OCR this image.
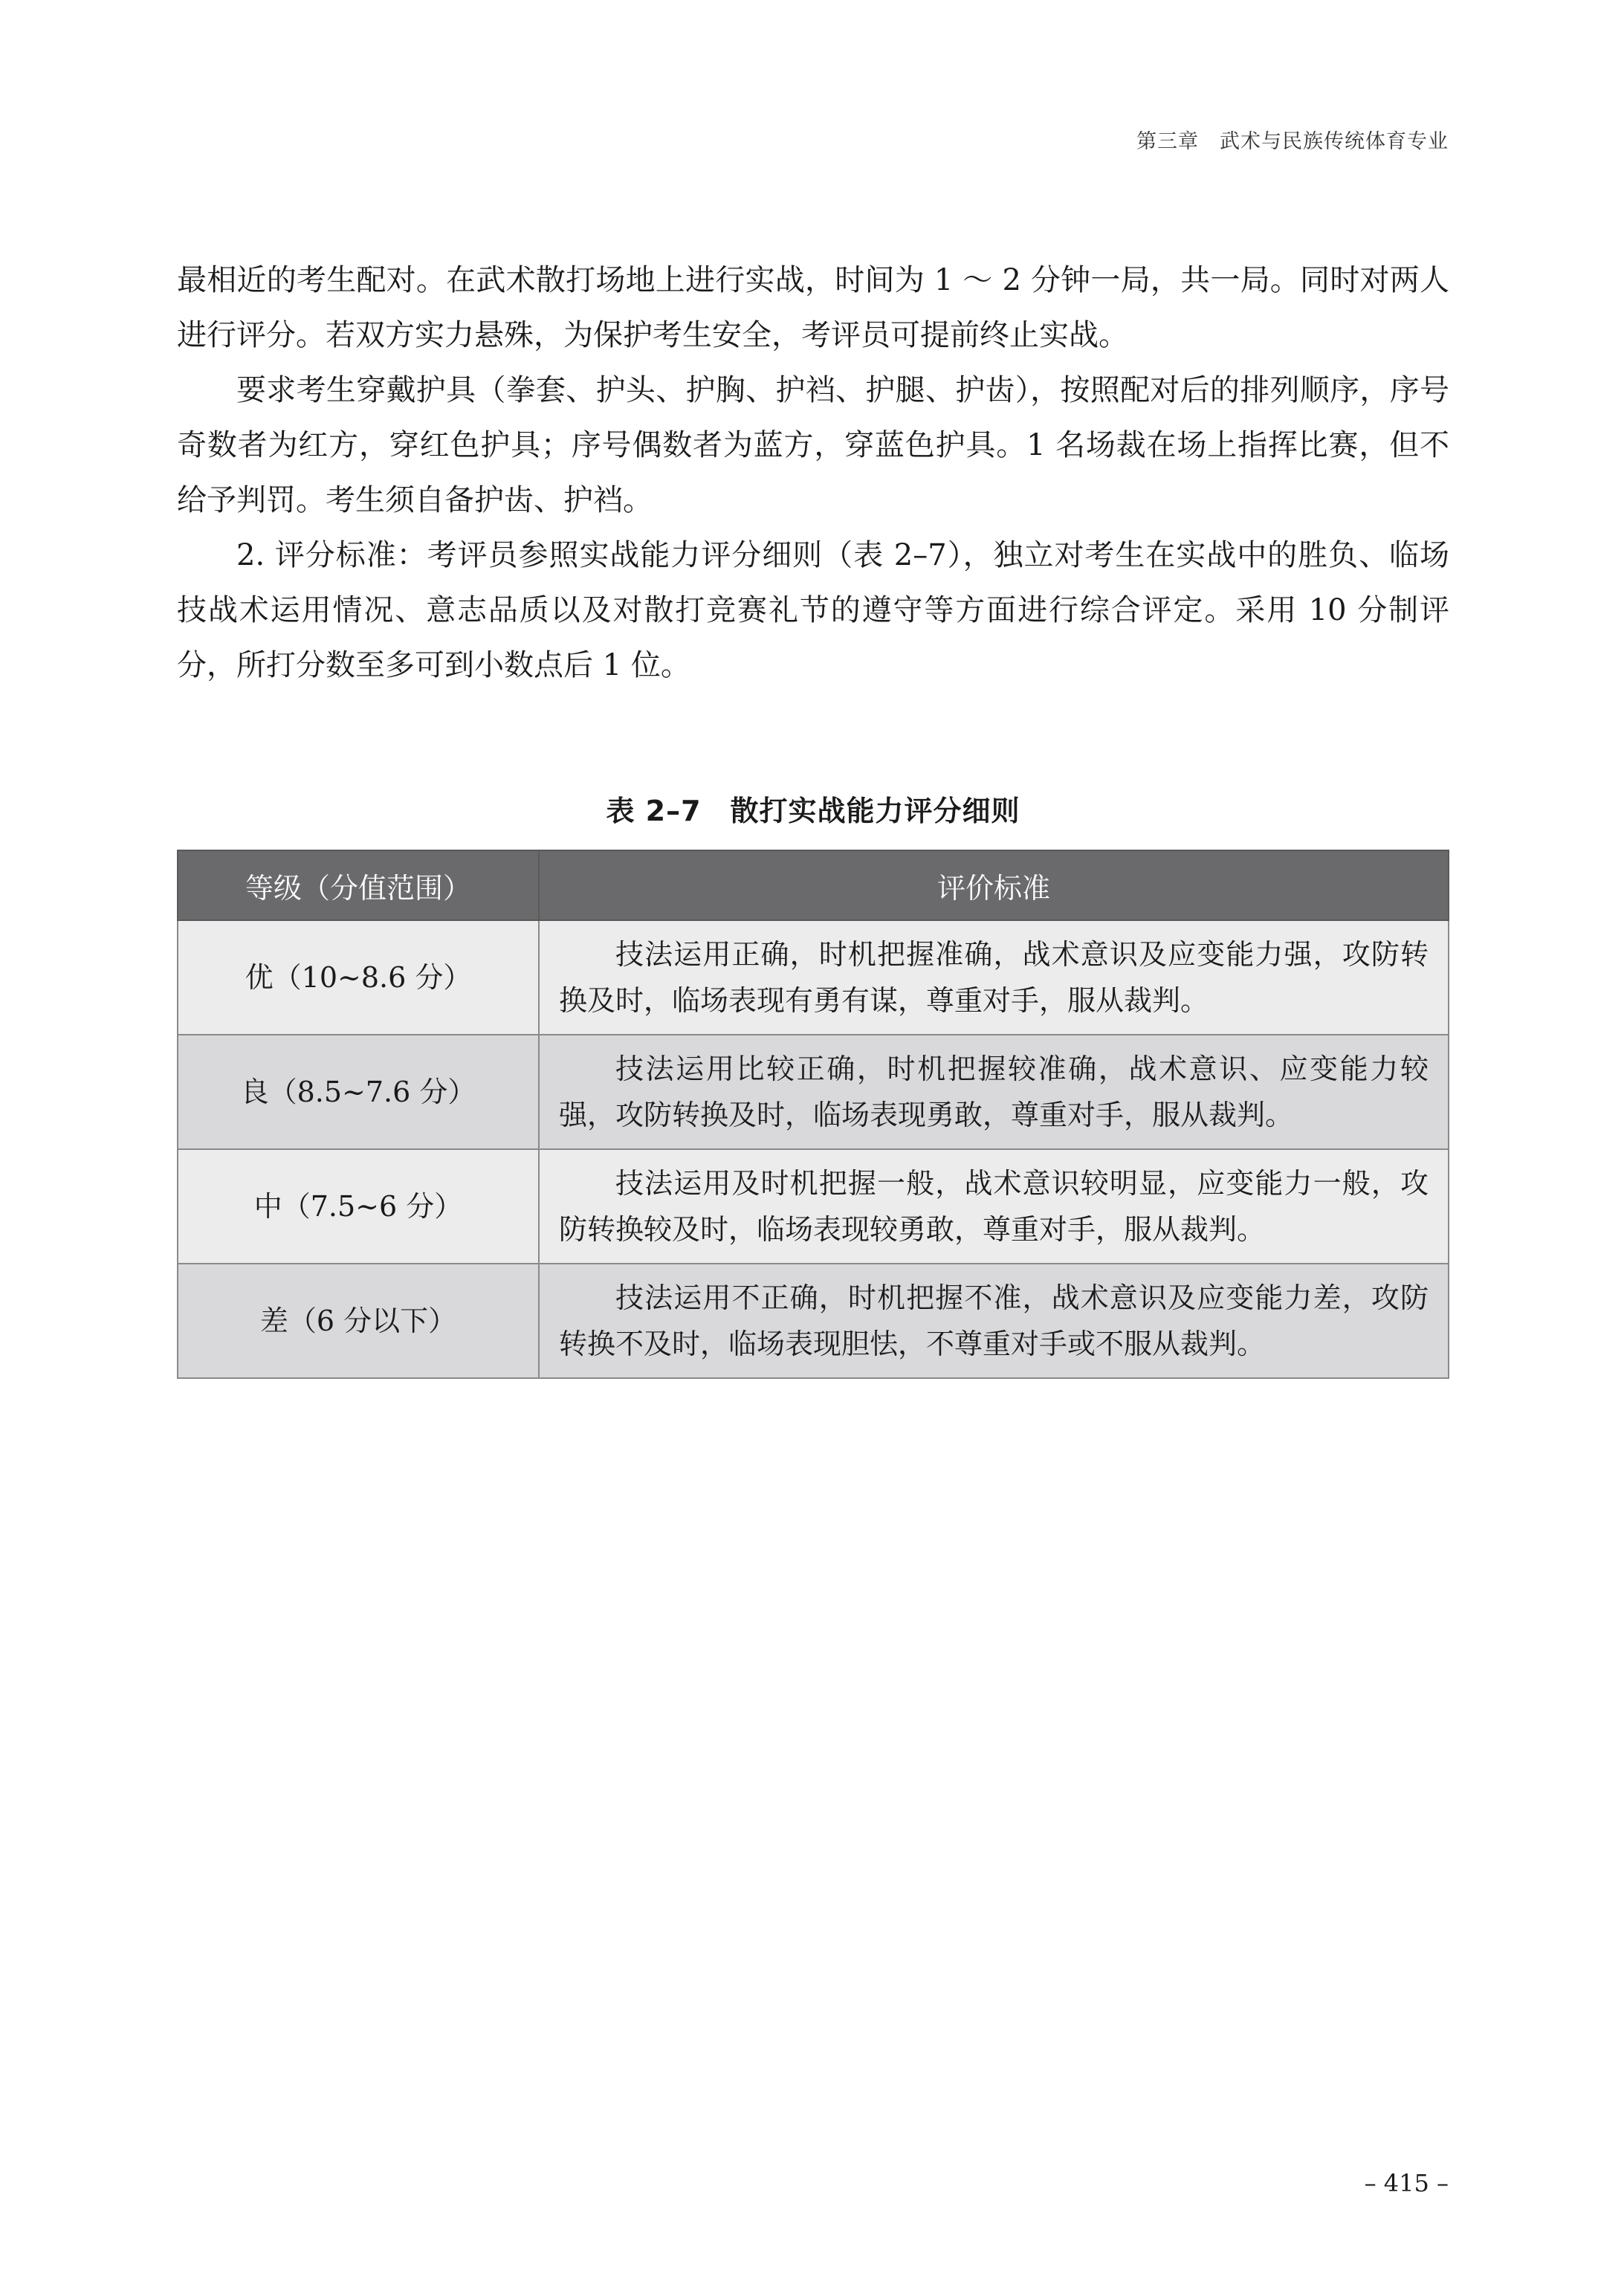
第三章　武术与民族传统体育专业

最相近的考生配对。在武术散打场地上进行实战，时间为 1 ～ 2 分钟一局，共一局。同时对两人进行评分。若双方实力悬殊，为保护考生安全，考评员可提前终止实战。

要求考生穿戴护具（拳套、护头、护胸、护裆、护腿、护齿），按照配对后的排列顺序，序号奇数者为红方，穿红色护具；序号偶数者为蓝方，穿蓝色护具。1 名场裁在场上指挥比赛，但不给予判罚。考生须自备护齿、护裆。

2. 评分标准：考评员参照实战能力评分细则（表 2–7），独立对考生在实战中的胜负、临场技战术运用情况、意志品质以及对散打竞赛礼节的遵守等方面进行综合评定。采用 10 分制评分，所打分数至多可到小数点后 1 位。

表 2–7　散打实战能力评分细则
等级（分值范围）	评价标准
优（10~8.6 分）	技法运用正确，时机把握准确，战术意识及应变能力强，攻防转换及时，临场表现有勇有谋，尊重对手，服从裁判。
良（8.5~7.6 分）	技法运用比较正确，时机把握较准确，战术意识、应变能力较强，攻防转换及时，临场表现勇敢，尊重对手，服从裁判。
中（7.5~6 分）	技法运用及时机把握一般，战术意识较明显，应变能力一般，攻防转换较及时，临场表现较勇敢，尊重对手，服从裁判。
差（6 分以下）	技法运用不正确，时机把握不准，战术意识及应变能力差，攻防转换不及时，临场表现胆怯，不尊重对手或不服从裁判。
– 415 –
